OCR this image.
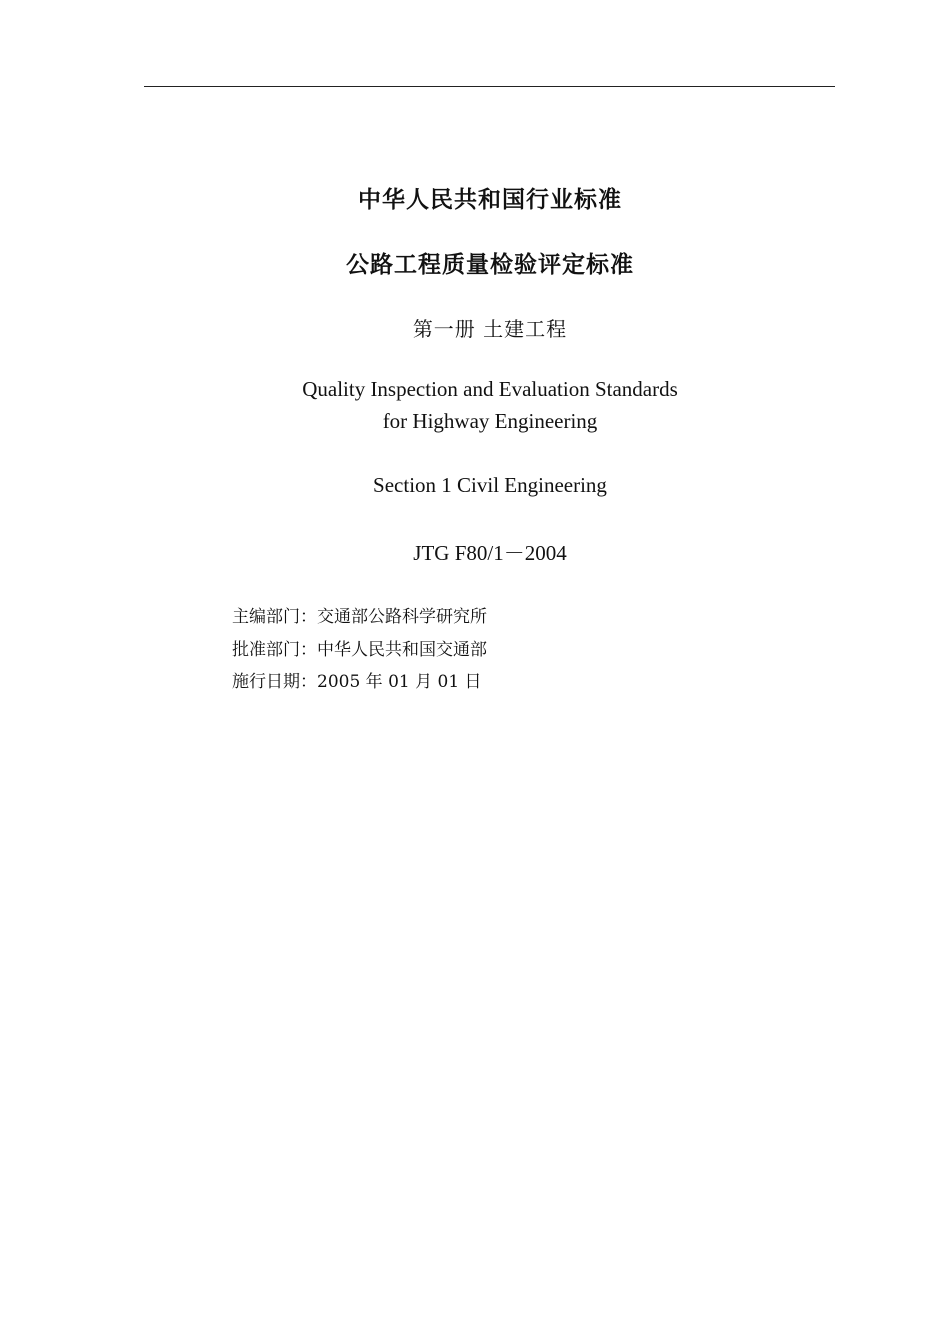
中华人民共和国行业标准
公路工程质量检验评定标准
第一册 土建工程
Quality Inspection and Evaluation Standards
for Highway Engineering
Section 1 Civil Engineering
JTG F80/1－2004
主编部门：交通部公路科学研究所
批准部门：中华人民共和国交通部
施行日期：2005 年 01 月 01 日
